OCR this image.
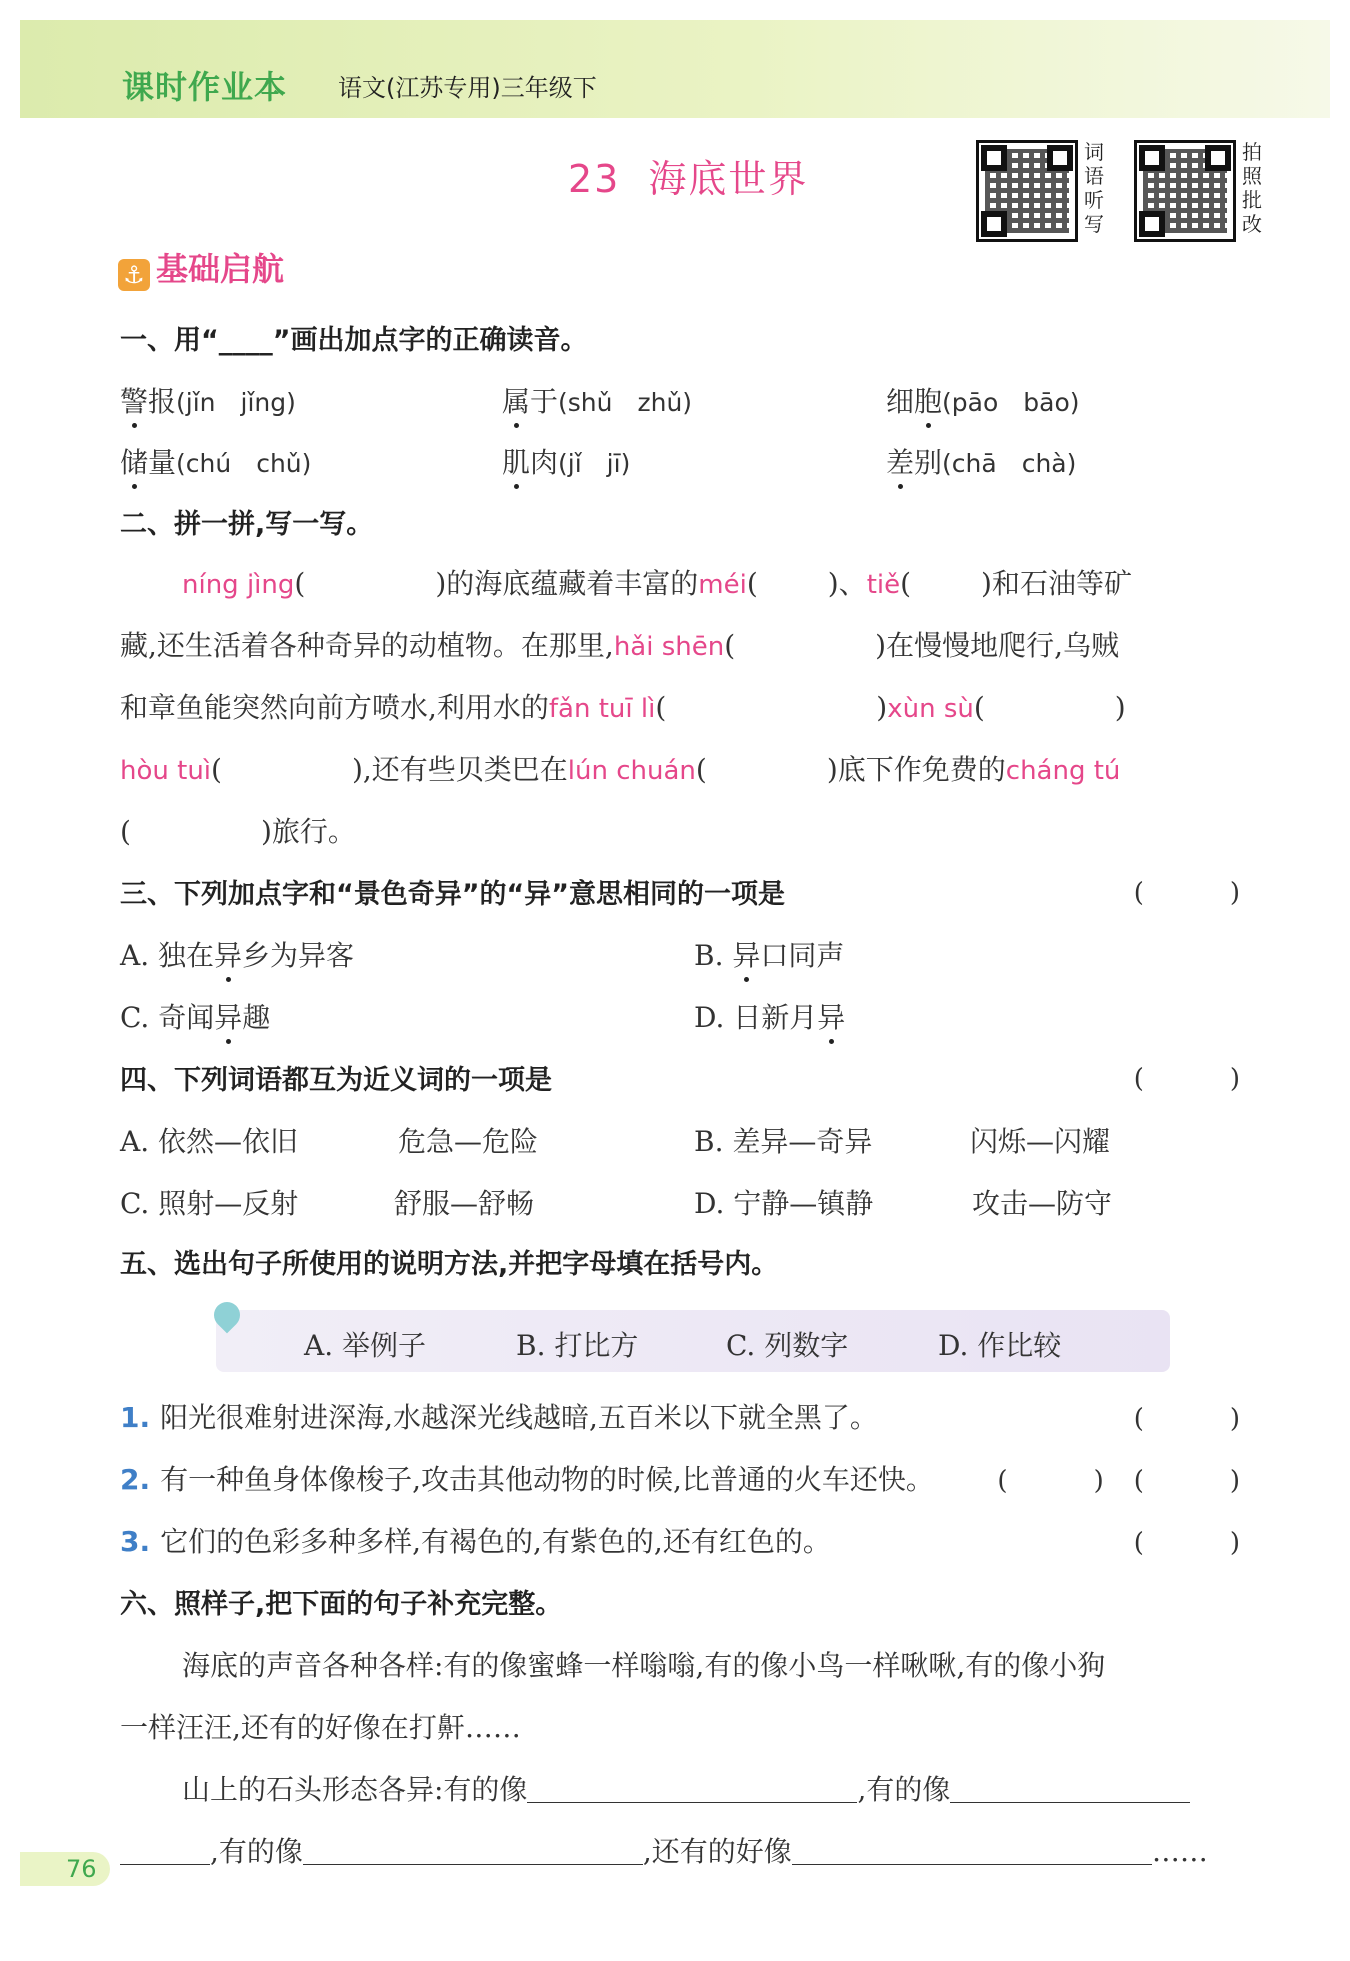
课时作业本 语文(江苏专用)三年级下
23 海底世界
词语听写
拍照批改
⚓ 基础启航
一、用“____”画出加点字的正确读音。
警报(jǐn　jǐng)	属于(shǔ　zhǔ)	细胞(pāo　bāo)
储量(chú　chǔ)	肌肉(jǐ　jī)	差别(chā　chà)
二、拼一拼,写一写。
níng jìng(	)的海底蕴藏着丰富的méi(	)、tiě(	)和石油等矿
藏,还生活着各种奇异的动植物。在那里,hǎi shēn(	)在慢慢地爬行,乌贼
和章鱼能突然向前方喷水,利用水的fǎn tuī lì(	)xùn sù(	)
hòu tuì(	),还有些贝类巴在lún chuán(	)底下作免费的cháng tú
(	)旅行。
三、下列加点字和“景色奇异”的“异”意思相同的一项是	(　)
A. 独在异乡为异客	B. 异口同声
C. 奇闻异趣	D. 日新月异
四、下列词语都互为近义词的一项是	(　)
A. 依然—依旧	危急—危险	B. 差异—奇异	闪烁—闪耀
C. 照射—反射	舒服—舒畅	D. 宁静—镇静	攻击—防守
五、选出句子所使用的说明方法,并把字母填在括号内。
A. 举例子	B. 打比方	C. 列数字	D. 作比较
1. 阳光很难射进深海,水越深光线越暗,五百米以下就全黑了。	(　)
2. 有一种鱼身体像梭子,攻击其他动物的时候,比普通的火车还快。 (　)(　)
3. 它们的色彩多种多样,有褐色的,有紫色的,还有红色的。	(　)
六、照样子,把下面的句子补充完整。
海底的声音各种各样:有的像蜜蜂一样嗡嗡,有的像小鸟一样啾啾,有的像小狗
一样汪汪,还有的好像在打鼾……
山上的石头形态各异:有的像	,有的像
,有的像	,还有的好像	……
76
